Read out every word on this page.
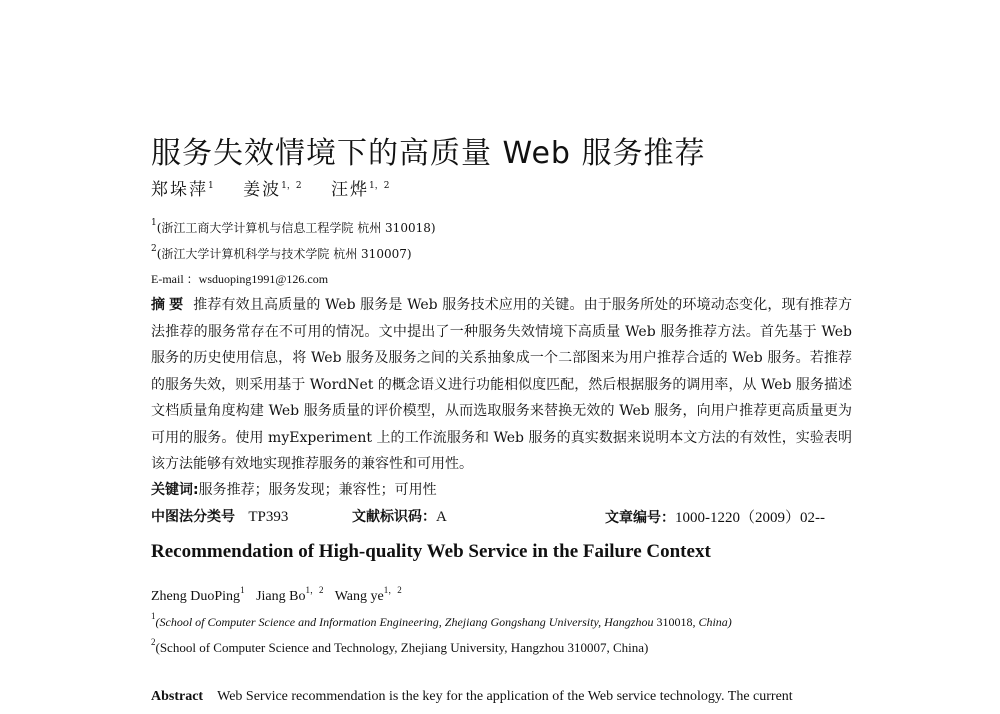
服务失效情境下的高质量 Web 服务推荐
郑垛萍$^1$ 姜波$^{1,2}$ 汪烨$^{1,2}$
$^1$(浙江工商大学计算机与信息工程学院 杭州 310018)
$^2$(浙江大学计算机科学与技术学院 杭州 310007)
E-mail ：wsduoping1991@126.com

摘要 推荐有效且高质量的 Web 服务是 Web 服务技术应用的关键。由于服务所处的环境动态变化，现有推荐方法推荐的服务常存在不可用的情况。文中提出了一种服务失效情境下高质量 Web 服务推荐方法。首先基于 Web 服务的历史使用信息，将 Web 服务及服务之间的关系抽象成一个二部图来为用户推荐合适的 Web 服务。若推荐的服务失效，则采用基于 WordNet 的概念语义进行功能相似度匹配，然后根据服务的调用率，从 Web 服务描述文档质量角度构建 Web 服务质量的评价模型，从而选取服务来替换无效的 Web 服务，向用户推荐更高质量更为可用的服务。使用 myExperiment 上的工作流服务和 Web 服务的真实数据来说明本文方法的有效性，实验表明该方法能够有效地实现推荐服务的兼容性和可用性。

关键词:服务推荐；服务发现；兼容性；可用性
中图法分类号 TP393	文献标识码：A	文章编号：1000-1220（2009）02--
Recommendation of High-quality Web Service in the Failure Context
Zheng DuoPing$^1$ Jiang $Bo^{1,2}$ Wang $ye^{1,2}$
$^1$(School of Computer Science and Information Engineering, Zhejiang Gongshang University, Hangzhou 310018, China)
$^2$(School of Computer Science and Technology, Zhejiang University, Hangzhou 310007, China)

Abstract Web Service recommendation is the key for the application of the Web service technology. The current
